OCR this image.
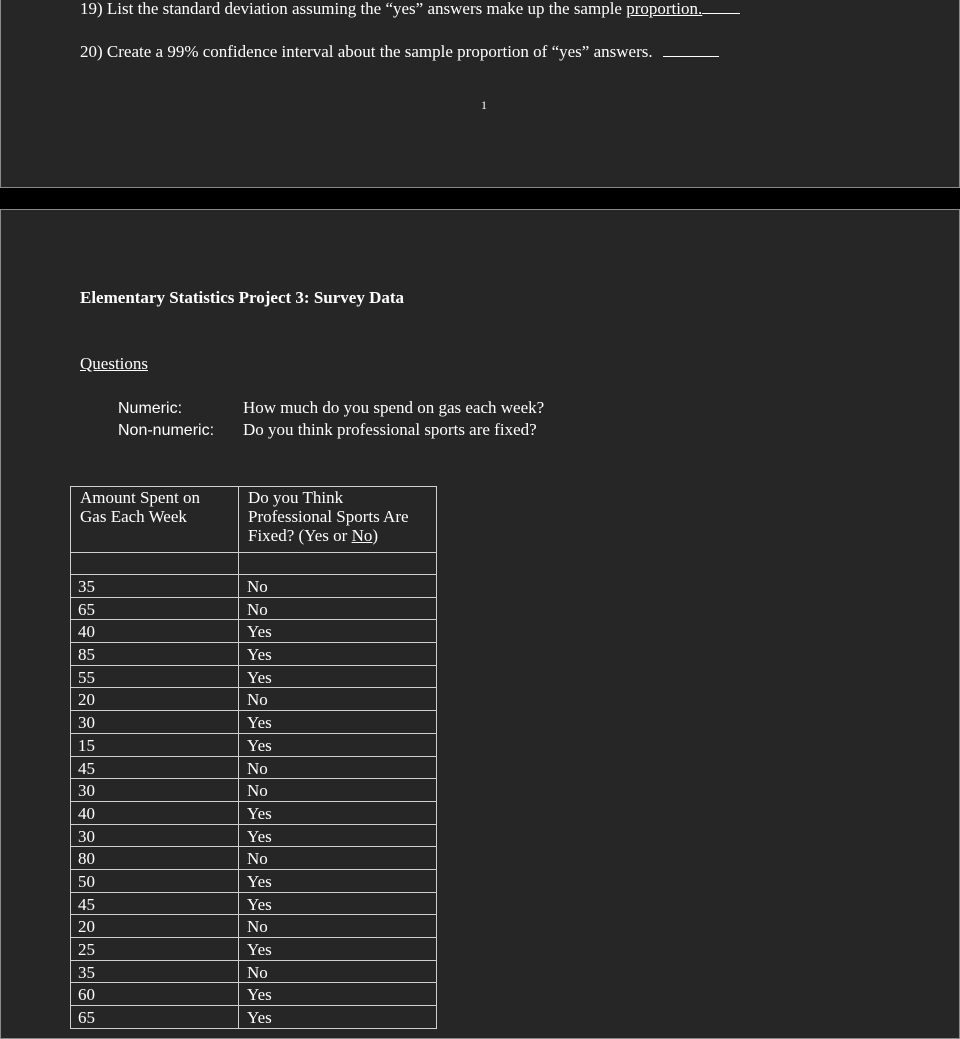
19) List the standard deviation assuming the “yes” answers make up the sample proportion.
20) Create a 99% confidence interval about the sample proportion of “yes” answers.
1
Elementary Statistics Project 3: Survey Data
Questions
Numeric:	How much do you spend on gas each week?
Non-numeric: Do you think professional sports are fixed?
Amount Spent on Gas Each Week	Do you Think Professional Sports Are Fixed? (Yes or No)

35	No
65	No
40	Yes
85	Yes
55	Yes
20	No
30	Yes
15	Yes
45	No
30	No
40	Yes
30	Yes
80	No
50	Yes
45	Yes
20	No
25	Yes
35	No
60	Yes
65	Yes
